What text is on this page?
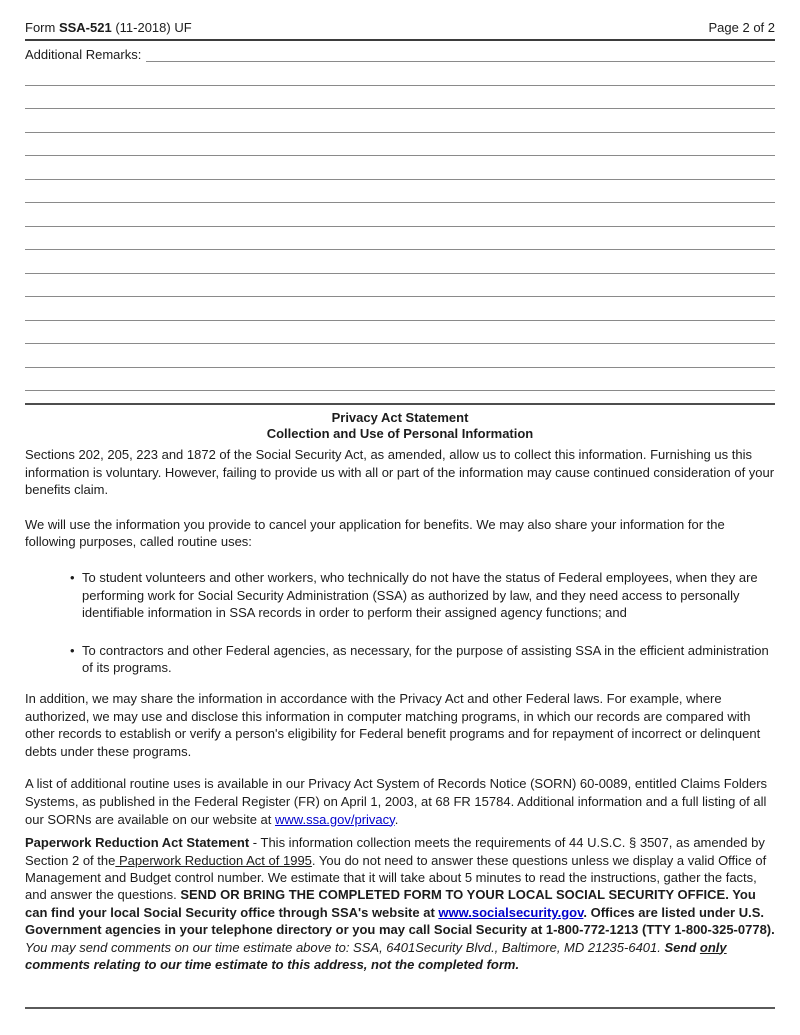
Form SSA-521 (11-2018) UF	Page 2 of 2
Additional Remarks:
Privacy Act Statement
Collection and Use of Personal Information
Sections 202, 205, 223 and 1872 of the Social Security Act, as amended, allow us to collect this information. Furnishing us this information is voluntary. However, failing to provide us with all or part of the information may cause continued consideration of your benefits claim.
We will use the information you provide to cancel your application for benefits. We may also share your information for the following purposes, called routine uses:
• To student volunteers and other workers, who technically do not have the status of Federal employees, when they are performing work for Social Security Administration (SSA) as authorized by law, and they need access to personally identifiable information in SSA records in order to perform their assigned agency functions; and
• To contractors and other Federal agencies, as necessary, for the purpose of assisting SSA in the efficient administration of its programs.
In addition, we may share the information in accordance with the Privacy Act and other Federal laws. For example, where authorized, we may use and disclose this information in computer matching programs, in which our records are compared with other records to establish or verify a person's eligibility for Federal benefit programs and for repayment of incorrect or delinquent debts under these programs.
A list of additional routine uses is available in our Privacy Act System of Records Notice (SORN) 60-0089, entitled Claims Folders Systems, as published in the Federal Register (FR) on April 1, 2003, at 68 FR 15784. Additional information and a full listing of all our SORNs are available on our website at www.ssa.gov/privacy.
Paperwork Reduction Act Statement - This information collection meets the requirements of 44 U.S.C. § 3507, as amended by Section 2 of the Paperwork Reduction Act of 1995. You do not need to answer these questions unless we display a valid Office of Management and Budget control number. We estimate that it will take about 5 minutes to read the instructions, gather the facts, and answer the questions. SEND OR BRING THE COMPLETED FORM TO YOUR LOCAL SOCIAL SECURITY OFFICE. You can find your local Social Security office through SSA's website at www.socialsecurity.gov. Offices are listed under U.S. Government agencies in your telephone directory or you may call Social Security at 1-800-772-1213 (TTY 1-800-325-0778). You may send comments on our time estimate above to: SSA, 6401Security Blvd., Baltimore, MD 21235-6401. Send only comments relating to our time estimate to this address, not the completed form.
